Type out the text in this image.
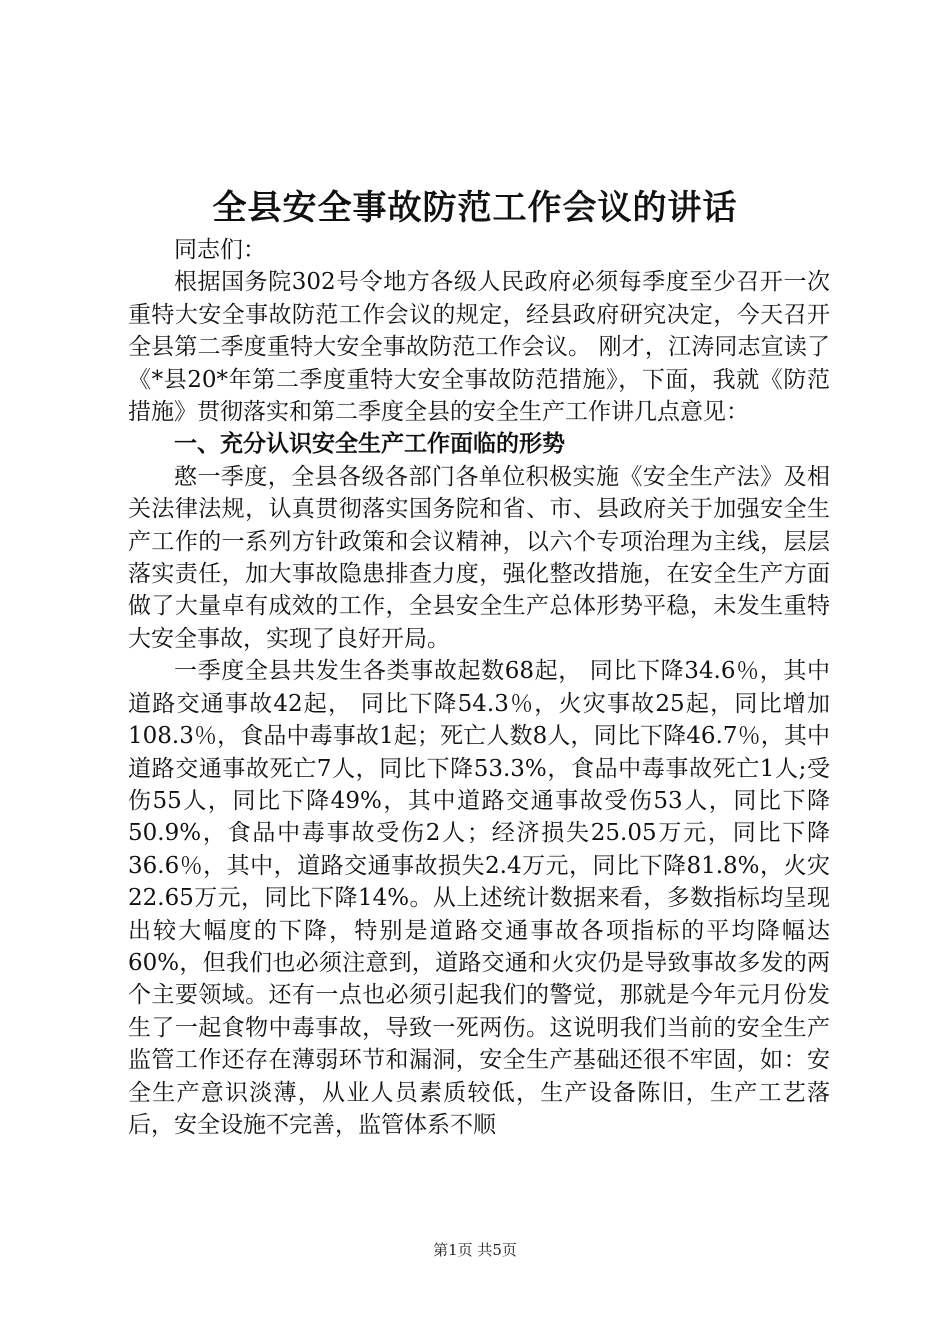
全县安全事故防范工作会议的讲话

同志们：

根据国务院302号令地方各级人民政府必须每季度至少召开一次重特大安全事故防范工作会议的规定，经县政府研究决定，今天召开全县第二季度重特大安全事故防范工作会议。 刚才，江涛同志宣读了《*县20*年第二季度重特大安全事故防范措施》，下面，我就《防范措施》贯彻落实和第二季度全县的安全生产工作讲几点意见：

一、充分认识安全生产工作面临的形势

憨一季度，全县各级各部门各单位积极实施《安全生产法》及相关法律法规，认真贯彻落实国务院和省、市、县政府关于加强安全生产工作的一系列方针政策和会议精神，以六个专项治理为主线，层层落实责任，加大事故隐患排查力度，强化整改措施，在安全生产方面做了大量卓有成效的工作，全县安全生产总体形势平稳，未发生重特大安全事故，实现了良好开局。

一季度全县共发生各类事故起数68起， 同比下降34.6％，其中道路交通事故42起， 同比下降54.3％，火灾事故25起，同比增加108.3％，食品中毒事故1起；死亡人数8人，同比下降46.7％，其中道路交通事故死亡7人，同比下降53.3%，食品中毒事故死亡1人;受伤55人，同比下降49%，其中道路交通事故受伤53人，同比下降50.9%，食品中毒事故受伤2人；经济损失25.05万元，同比下降36.6％，其中，道路交通事故损失2.4万元，同比下降81.8%，火灾22.65万元，同比下降14%。从上述统计数据来看，多数指标均呈现出较大幅度的下降，特别是道路交通事故各项指标的平均降幅达60%，但我们也必须注意到，道路交通和火灾仍是导致事故多发的两个主要领域。还有一点也必须引起我们的警觉，那就是今年元月份发生了一起食物中毒事故，导致一死两伤。这说明我们当前的安全生产监管工作还存在薄弱环节和漏洞，安全生产基础还很不牢固，如：安全生产意识淡薄，从业人员素质较低，生产设备陈旧，生产工艺落后，安全设施不完善，监管体系不顺

第1页 共5页
